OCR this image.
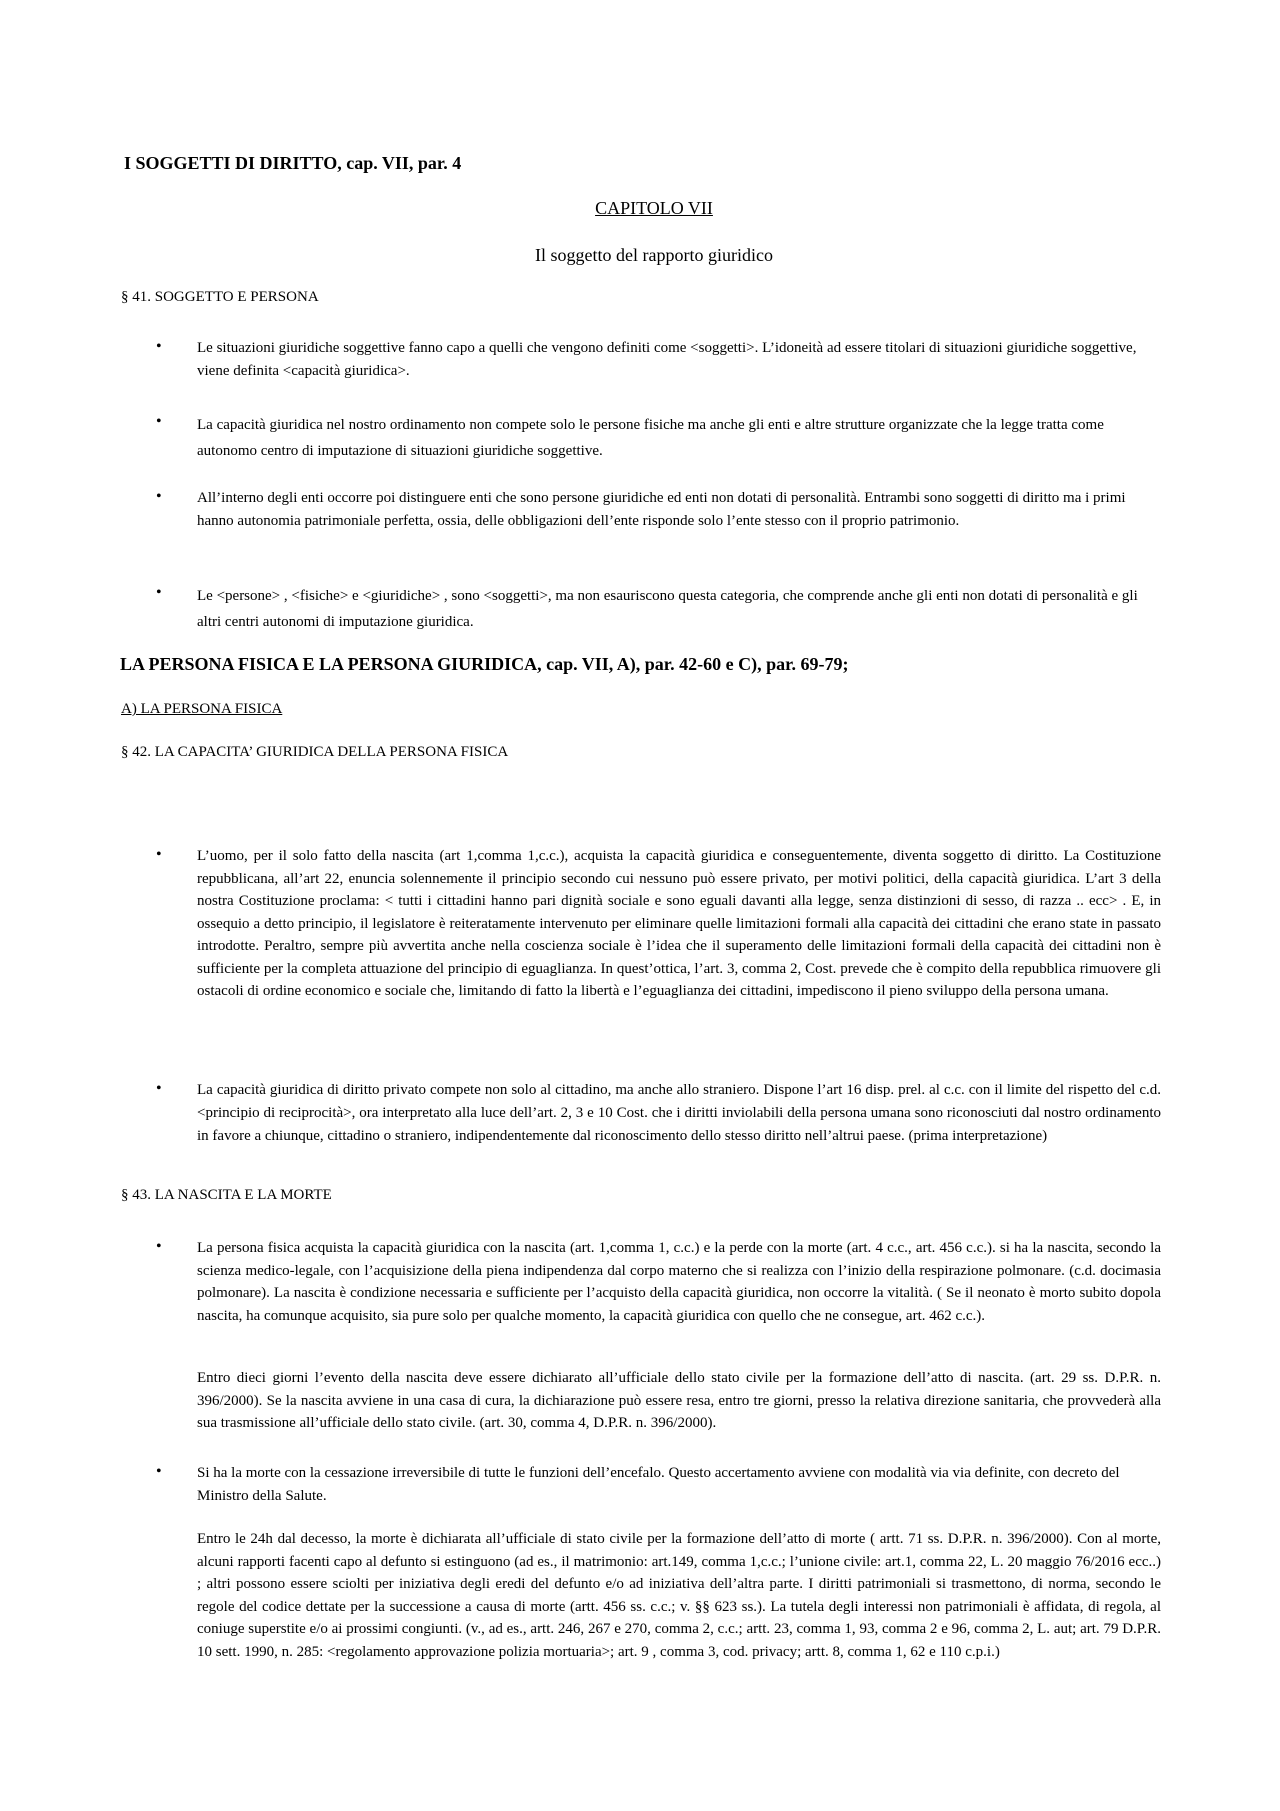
I SOGGETTI DI DIRITTO, cap. VII, par. 4
CAPITOLO VII
Il soggetto del rapporto giuridico
§ 41. SOGGETTO E PERSONA
• Le situazioni giuridiche soggettive fanno capo a quelli che vengono definiti come <soggetti>. L’idoneità ad essere titolari di situazioni giuridiche soggettive, viene definita <capacità giuridica>.
• La capacità giuridica nel nostro ordinamento non compete solo le persone fisiche ma anche gli enti e altre strutture organizzate che la legge tratta come autonomo centro di imputazione di situazioni giuridiche soggettive.
• All’interno degli enti occorre poi distinguere enti che sono persone giuridiche ed enti non dotati di personalità. Entrambi sono soggetti di diritto ma i primi hanno autonomia patrimoniale perfetta, ossia, delle obbligazioni dell’ente risponde solo l’ente stesso con il proprio patrimonio.
• Le <persone> , <fisiche> e <giuridiche> , sono <soggetti>, ma non esauriscono questa categoria, che comprende anche gli enti non dotati di personalità e gli altri centri autonomi di imputazione giuridica.
LA PERSONA FISICA E LA PERSONA GIURIDICA, cap. VII, A), par. 42-60 e C), par. 69-79;
A) LA PERSONA FISICA
§ 42. LA CAPACITA’ GIURIDICA DELLA PERSONA FISICA
• L’uomo, per il solo fatto della nascita (art 1,comma 1,c.c.), acquista la capacità giuridica e conseguentemente, diventa soggetto di diritto. La Costituzione repubblicana, all’art 22, enuncia solennemente il principio secondo cui nessuno può essere privato, per motivi politici, della capacità giuridica. L’art 3 della nostra Costituzione proclama: < tutti i cittadini hanno pari dignità sociale e sono eguali davanti alla legge, senza distinzioni di sesso, di razza .. ecc> . E, in ossequio a detto principio, il legislatore è reiteratamente intervenuto per eliminare quelle limitazioni formali alla capacità dei cittadini che erano state in passato introdotte. Peraltro, sempre più avvertita anche nella coscienza sociale è l’idea che il superamento delle limitazioni formali della capacità dei cittadini non è sufficiente per la completa attuazione del principio di eguaglianza. In quest’ottica, l’art. 3, comma 2, Cost. prevede che è compito della repubblica rimuovere gli ostacoli di ordine economico e sociale che, limitando di fatto la libertà e l’eguaglianza dei cittadini, impediscono il pieno sviluppo della persona umana.
• La capacità giuridica di diritto privato compete non solo al cittadino, ma anche allo straniero. Dispone l’art 16 disp. prel. al c.c. con il limite del rispetto del c.d. <principio di reciprocità>, ora interpretato alla luce dell’art. 2, 3 e 10 Cost. che i diritti inviolabili della persona umana sono riconosciuti dal nostro ordinamento in favore a chiunque, cittadino o straniero, indipendentemente dal riconoscimento dello stesso diritto nell’altrui paese. (prima interpretazione)
§ 43. LA NASCITA E LA MORTE
• La persona fisica acquista la capacità giuridica con la nascita (art. 1,comma 1, c.c.) e la perde con la morte (art. 4 c.c., art. 456 c.c.). si ha la nascita, secondo la scienza medico-legale, con l’acquisizione della piena indipendenza dal corpo materno che si realizza con l’inizio della respirazione polmonare. (c.d. docimasia polmonare). La nascita è condizione necessaria e sufficiente per l’acquisto della capacità giuridica, non occorre la vitalità. ( Se il neonato è morto subito dopola nascita, ha comunque acquisito, sia pure solo per qualche momento, la capacità giuridica con quello che ne consegue, art. 462 c.c.).
Entro dieci giorni l’evento della nascita deve essere dichiarato all’ufficiale dello stato civile per la formazione dell’atto di nascita. (art. 29 ss. D.P.R. n. 396/2000). Se la nascita avviene in una casa di cura, la dichiarazione può essere resa, entro tre giorni, presso la relativa direzione sanitaria, che provvederà alla sua trasmissione all’ufficiale dello stato civile. (art. 30, comma 4, D.P.R. n. 396/2000).
• Si ha la morte con la cessazione irreversibile di tutte le funzioni dell’encefalo. Questo accertamento avviene con modalità via via definite, con decreto del Ministro della Salute.
Entro le 24h dal decesso, la morte è dichiarata all’ufficiale di stato civile per la formazione dell’atto di morte ( artt. 71 ss. D.P.R. n. 396/2000). Con al morte, alcuni rapporti facenti capo al defunto si estinguono (ad es., il matrimonio: art.149, comma 1,c.c.; l’unione civile: art.1, comma 22, L. 20 maggio 76/2016 ecc..) ; altri possono essere sciolti per iniziativa degli eredi del defunto e/o ad iniziativa dell’altra parte. I diritti patrimoniali si trasmettono, di norma, secondo le regole del codice dettate per la successione a causa di morte (artt. 456 ss. c.c.; v. §§ 623 ss.). La tutela degli interessi non patrimoniali è affidata, di regola, al coniuge superstite e/o ai prossimi congiunti. (v., ad es., artt. 246, 267 e 270, comma 2, c.c.; artt. 23, comma 1, 93, comma 2 e 96, comma 2, L. aut; art. 79 D.P.R. 10 sett. 1990, n. 285: <regolamento approvazione polizia mortuaria>; art. 9 , comma 3, cod. privacy; artt. 8, comma 1, 62 e 110 c.p.i.)
